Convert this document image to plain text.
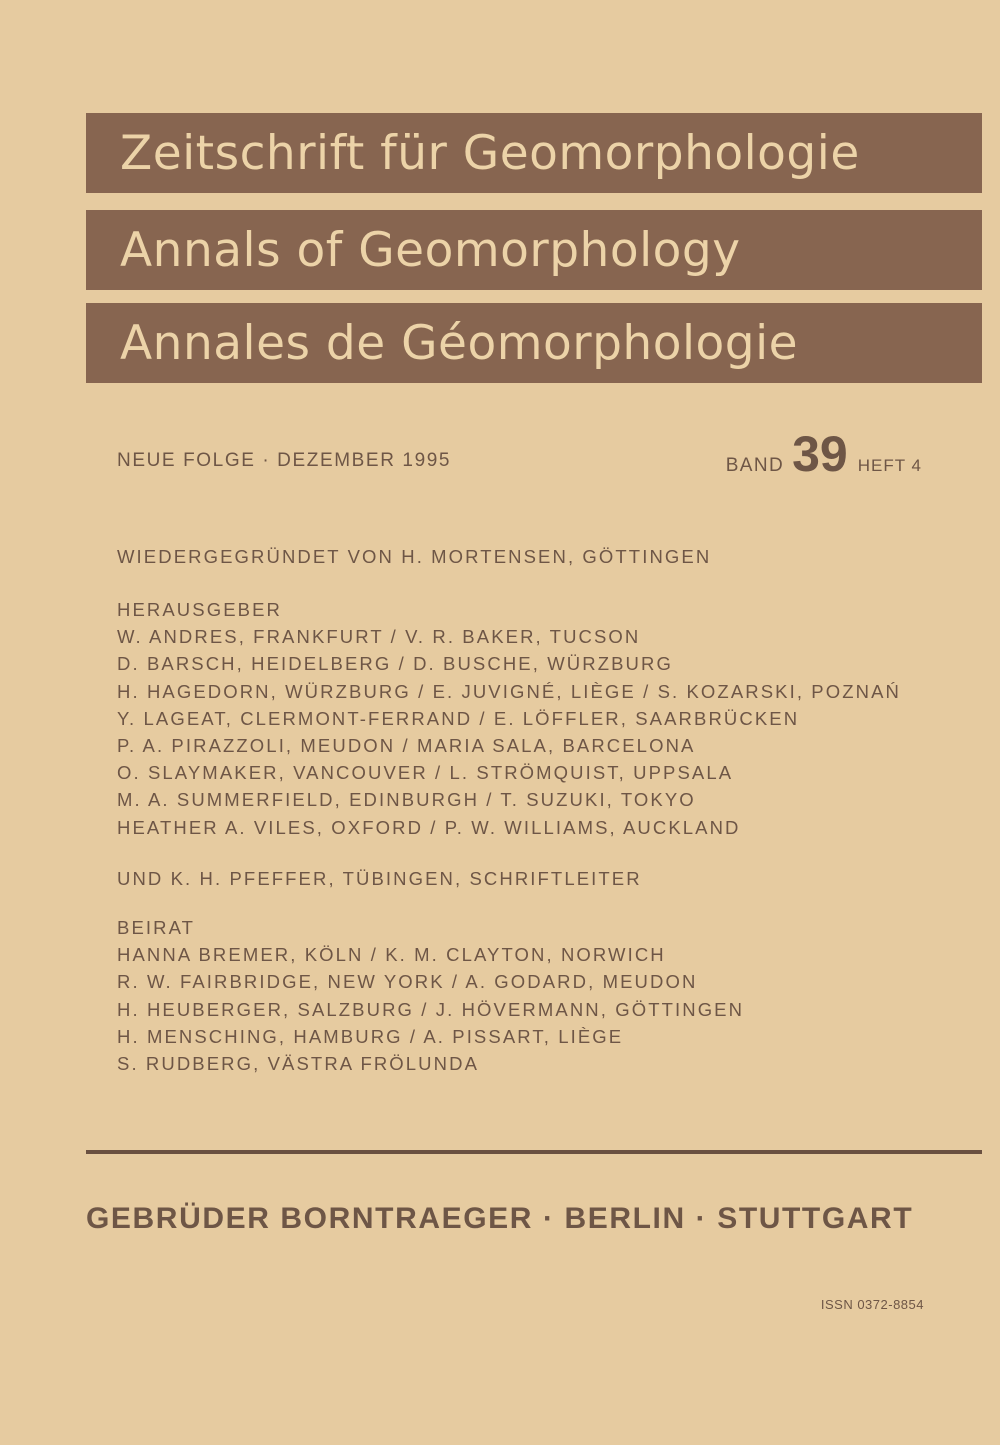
Zeitschrift für Geomorphologie
Annals of Geomorphology
Annales de Géomorphologie
NEUE FOLGE · DEZEMBER 1995	BAND 39 HEFT 4
WIEDERGEGRÜNDET VON H. MORTENSEN, GÖTTINGEN
HERAUSGEBER
W. ANDRES, FRANKFURT / V. R. BAKER, TUCSON
D. BARSCH, HEIDELBERG / D. BUSCHE, WÜRZBURG
H. HAGEDORN, WÜRZBURG / E. JUVIGNÉ, LIÈGE / S. KOZARSKI, POZNAŃ
Y. LAGEAT, CLERMONT-FERRAND / E. LÖFFLER, SAARBRÜCKEN
P. A. PIRAZZOLI, MEUDON / MARIA SALA, BARCELONA
O. SLAYMAKER, VANCOUVER / L. STRÖMQUIST, UPPSALA
M. A. SUMMERFIELD, EDINBURGH / T. SUZUKI, TOKYO
HEATHER A. VILES, OXFORD / P. W. WILLIAMS, AUCKLAND
UND K. H. PFEFFER, TÜBINGEN, SCHRIFTLEITER
BEIRAT
HANNA BREMER, KÖLN / K. M. CLAYTON, NORWICH
R. W. FAIRBRIDGE, NEW YORK / A. GODARD, MEUDON
H. HEUBERGER, SALZBURG / J. HÖVERMANN, GÖTTINGEN
H. MENSCHING, HAMBURG / A. PISSART, LIÈGE
S. RUDBERG, VÄSTRA FRÖLUNDA
GEBRÜDER BORNTRAEGER · BERLIN · STUTTGART
ISSN 0372-8854
